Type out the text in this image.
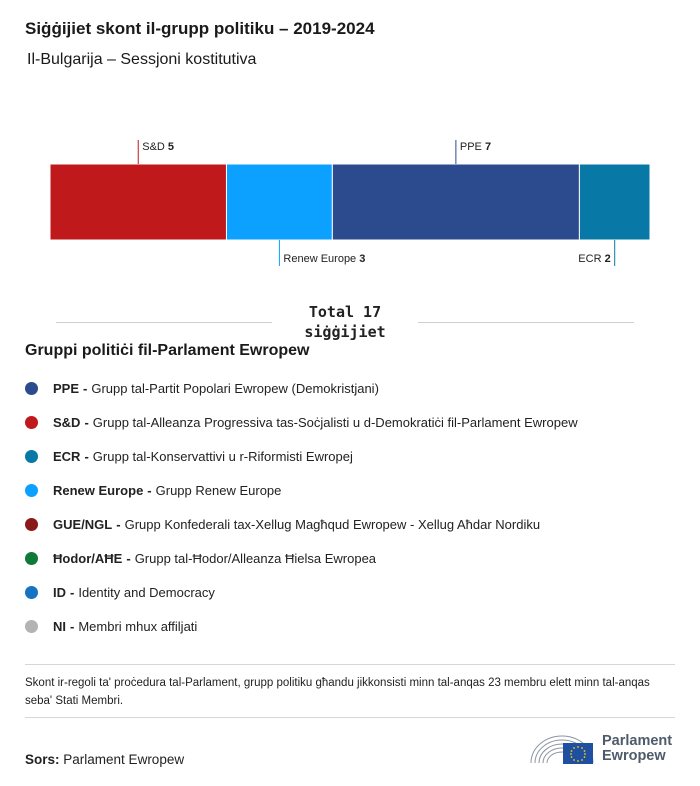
Siġġijiet skont il-grupp politiku – 2019-2024
Il-Bulgarija – Sessjoni kostitutiva
S&D 5
Renew Europe 3
PPE 7
ECR 2
Total 17
siġġijiet
Gruppi politiċi fil-Parlament Ewropew
PPE - Grupp tal-Partit Popolari Ewropew (Demokristjani)
S&D - Grupp tal-Alleanza Progressiva tas-Soċjalisti u d-Demokratiċi fil-Parlament Ewropew
ECR - Grupp tal-Konservattivi u r-Riformisti Ewropej
Renew Europe - Grupp Renew Europe
GUE/NGL - Grupp Konfederali tax-Xellug Magħqud Ewropew - Xellug Aħdar Nordiku
Ħodor/AĦE - Grupp tal-Ħodor/Alleanza Ħielsa Ewropea
ID - Identity and Democracy
NI - Membri mhux affiljati
Skont ir-regoli ta' proċedura tal-Parlament, grupp politiku għandu jikkonsisti minn tal-anqas 23 membru elett minn tal-anqas seba' Stati Membri.
Sors: Parlament Ewropew
Parlament
Ewropew
